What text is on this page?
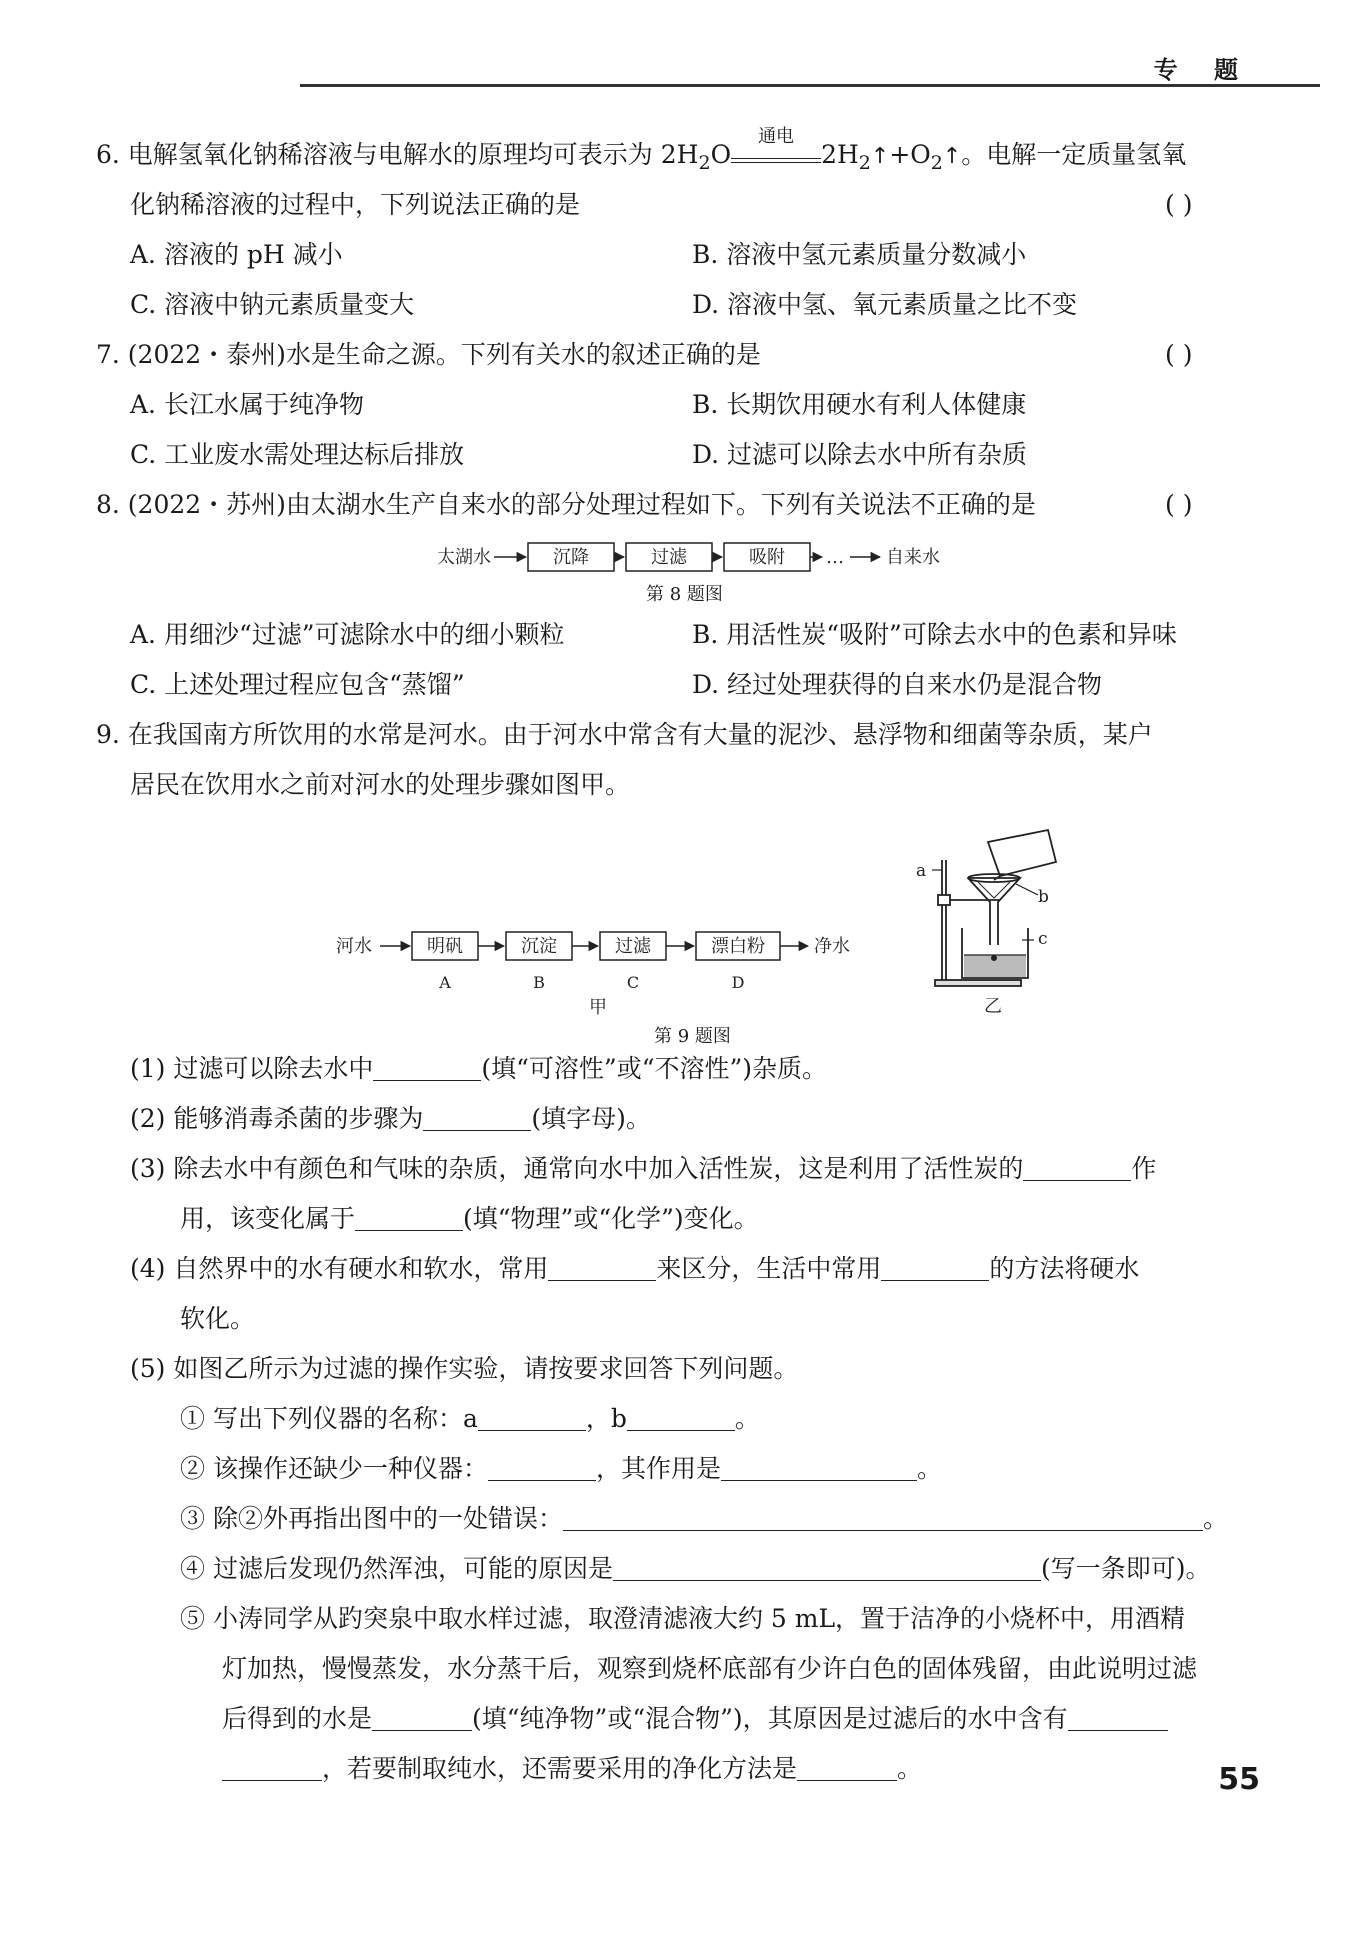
专 题
6. 电解氢氧化钠稀溶液与电解水的原理均可表示为 $2H_2O$
通电
$2H_2↑+O_2↑$。电解一定质量氢氧
化钠稀溶液的过程中，下列说法正确的是	( )
A. 溶液的 pH 减小	B. 溶液中氢元素质量分数减小
C. 溶液中钠元素质量变大	D. 溶液中氢、氧元素质量之比不变
7. (2022・泰州)水是生命之源。下列有关水的叙述正确的是	( )
A. 长江水属于纯净物	B. 长期饮用硬水有利人体健康
C. 工业废水需处理达标后排放	D. 过滤可以除去水中所有杂质
8. (2022・苏州)由太湖水生产自来水的部分处理过程如下。下列有关说法不正确的是	( )
太湖水	沉降	过滤	吸附 … 自来水
河水	明矾
A
沉淀
B
过滤
C
漂白粉
D
净水
甲
a
b
c
乙
第 8 题图
A. 用细沙“过滤”可滤除水中的细小颗粒	B. 用活性炭“吸附”可除去水中的色素和异味
C. 上述处理过程应包含“蒸馏”	D. 经过处理获得的自来水仍是混合物
9. 在我国南方所饮用的水常是河水。由于河水中常含有大量的泥沙、悬浮物和细菌等杂质，某户
居民在饮用水之前对河水的处理步骤如图甲。
第 9 题图
(1) 过滤可以除去水中	(填“可溶性”或“不溶性”)杂质。
(2) 能够消毒杀菌的步骤为	(填字母)。
(3) 除去水中有颜色和气味的杂质，通常向水中加入活性炭，这是利用了活性炭的	作
用，该变化属于	(填“物理”或“化学”)变化。
(4) 自然界中的水有硬水和软水，常用	来区分，生活中常用	的方法将硬水
软化。
(5) 如图乙所示为过滤的操作实验，请按要求回答下列问题。
① 写出下列仪器的名称：a	，b	。
② 该操作还缺少一种仪器：	，其作用是	。
③ 除②外再指出图中的一处错误：	。
④ 过滤后发现仍然浑浊，可能的原因是	(写一条即可)。
⑤ 小涛同学从趵突泉中取水样过滤，取澄清滤液大约 5 mL，置于洁净的小烧杯中，用酒精
灯加热，慢慢蒸发，水分蒸干后，观察到烧杯底部有少许白色的固体残留，由此说明过滤
后得到的水是	(填“纯净物”或“混合物”)，其原因是过滤后的水中含有
，若要制取纯水，还需要采用的净化方法是	。	55
